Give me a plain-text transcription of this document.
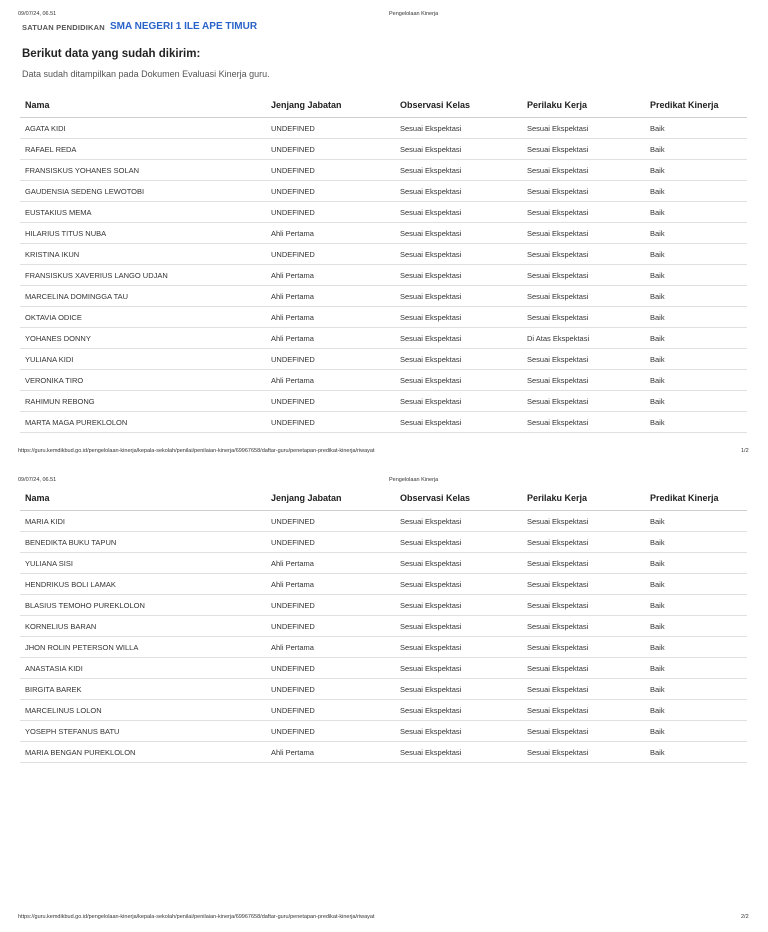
09/07/24, 06.51	Pengelolaan Kinerja
SATUAN PENDIDIKAN SMA NEGERI 1 ILE APE TIMUR
Berikut data yang sudah dikirim:
Data sudah ditampilkan pada Dokumen Evaluasi Kinerja guru.
Nama	Jenjang Jabatan	Observasi Kelas	Perilaku Kerja	Predikat Kinerja
AGATA KIDI	UNDEFINED	Sesuai Ekspektasi	Sesuai Ekspektasi	Baik
RAFAEL REDA	UNDEFINED	Sesuai Ekspektasi	Sesuai Ekspektasi	Baik
FRANSISKUS YOHANES SOLAN	UNDEFINED	Sesuai Ekspektasi	Sesuai Ekspektasi	Baik
GAUDENSIA SEDENG LEWOTOBI	UNDEFINED	Sesuai Ekspektasi	Sesuai Ekspektasi	Baik
EUSTAKIUS MEMA	UNDEFINED	Sesuai Ekspektasi	Sesuai Ekspektasi	Baik
HILARIUS TITUS NUBA	Ahli Pertama	Sesuai Ekspektasi	Sesuai Ekspektasi	Baik
KRISTINA IKUN	UNDEFINED	Sesuai Ekspektasi	Sesuai Ekspektasi	Baik
FRANSISKUS XAVERIUS LANGO UDJAN	Ahli Pertama	Sesuai Ekspektasi	Sesuai Ekspektasi	Baik
MARCELINA DOMINGGA TAU	Ahli Pertama	Sesuai Ekspektasi	Sesuai Ekspektasi	Baik
OKTAVIA ODICE	Ahli Pertama	Sesuai Ekspektasi	Sesuai Ekspektasi	Baik
YOHANES DONNY	Ahli Pertama	Sesuai Ekspektasi	Di Atas Ekspektasi	Baik
YULIANA KIDI	UNDEFINED	Sesuai Ekspektasi	Sesuai Ekspektasi	Baik
VERONIKA TIRO	Ahli Pertama	Sesuai Ekspektasi	Sesuai Ekspektasi	Baik
RAHIMUN REBONG	UNDEFINED	Sesuai Ekspektasi	Sesuai Ekspektasi	Baik
MARTA MAGA PUREKLOLON	UNDEFINED	Sesuai Ekspektasi	Sesuai Ekspektasi	Baik
https://guru.kemdikbud.go.id/pengelolaan-kinerja/kepala-sekolah/penilai/penilaian-kinerja/69967658/daftar-guru/penetapan-predikat-kinerja/riwayat	1/2
09/07/24, 06.51	Pengelolaan Kinerja
Nama	Jenjang Jabatan	Observasi Kelas	Perilaku Kerja	Predikat Kinerja
MARIA KIDI	UNDEFINED	Sesuai Ekspektasi	Sesuai Ekspektasi	Baik
BENEDIKTA BUKU TAPUN	UNDEFINED	Sesuai Ekspektasi	Sesuai Ekspektasi	Baik
YULIANA SISI	Ahli Pertama	Sesuai Ekspektasi	Sesuai Ekspektasi	Baik
HENDRIKUS BOLI LAMAK	Ahli Pertama	Sesuai Ekspektasi	Sesuai Ekspektasi	Baik
BLASIUS TEMOHO PUREKLOLON	UNDEFINED	Sesuai Ekspektasi	Sesuai Ekspektasi	Baik
KORNELIUS BARAN	UNDEFINED	Sesuai Ekspektasi	Sesuai Ekspektasi	Baik
JHON ROLIN PETERSON WILLA	Ahli Pertama	Sesuai Ekspektasi	Sesuai Ekspektasi	Baik
ANASTASIA KIDI	UNDEFINED	Sesuai Ekspektasi	Sesuai Ekspektasi	Baik
BIRGITA BAREK	UNDEFINED	Sesuai Ekspektasi	Sesuai Ekspektasi	Baik
MARCELINUS LOLON	UNDEFINED	Sesuai Ekspektasi	Sesuai Ekspektasi	Baik
YOSEPH STEFANUS BATU	UNDEFINED	Sesuai Ekspektasi	Sesuai Ekspektasi	Baik
MARIA BENGAN PUREKLOLON	Ahli Pertama	Sesuai Ekspektasi	Sesuai Ekspektasi	Baik
https://guru.kemdikbud.go.id/pengelolaan-kinerja/kepala-sekolah/penilai/penilaian-kinerja/69967658/daftar-guru/penetapan-predikat-kinerja/riwayat	2/2
